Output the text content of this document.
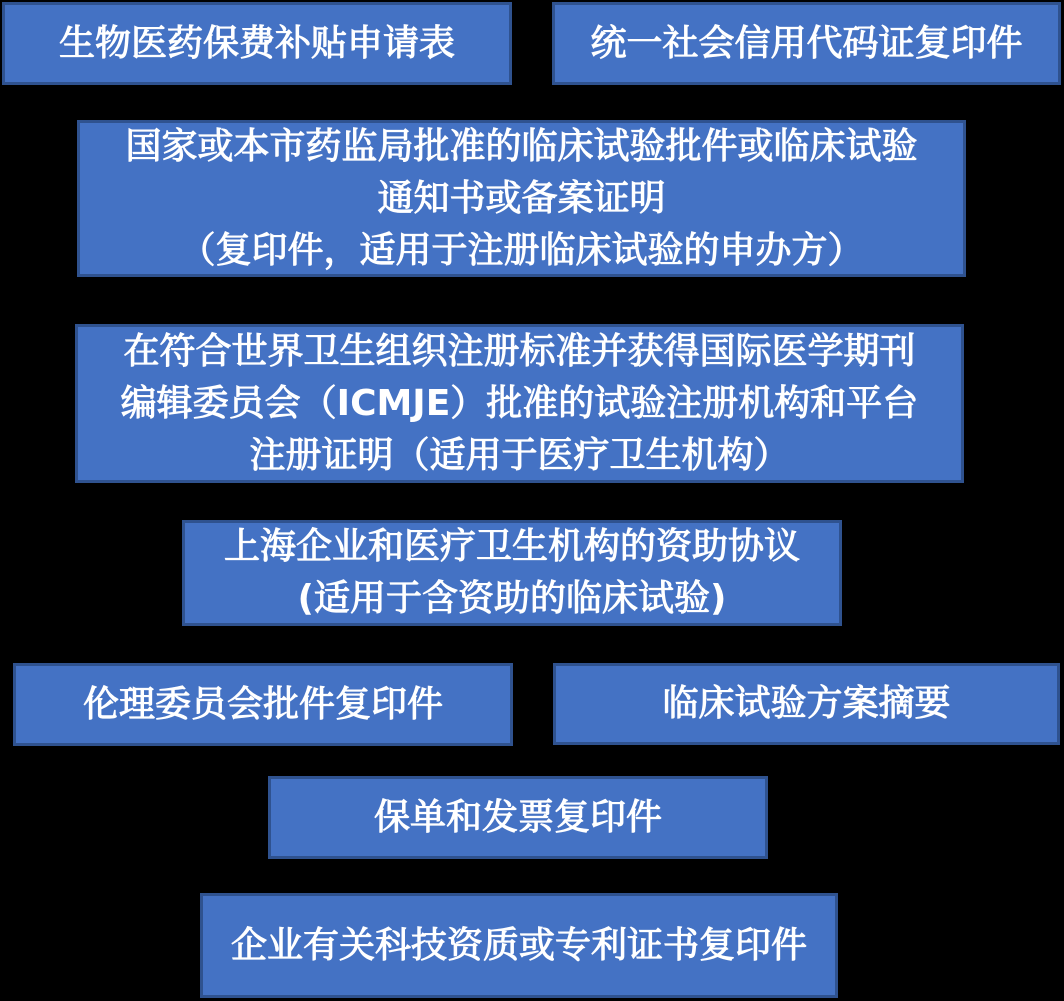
生物医药保费补贴申请表	统一社会信用代码证复印件
国家或本市药监局批准的临床试验批件或临床试验
通知书或备案证明
（复印件，适用于注册临床试验的申办方）
在符合世界卫生组织注册标准并获得国际医学期刊
编辑委员会（ICMJE）批准的试验注册机构和平台
注册证明（适用于医疗卫生机构）
上海企业和医疗卫生机构的资助协议
(适用于含资助的临床试验)
伦理委员会批件复印件	临床试验方案摘要
保单和发票复印件
企业有关科技资质或专利证书复印件
